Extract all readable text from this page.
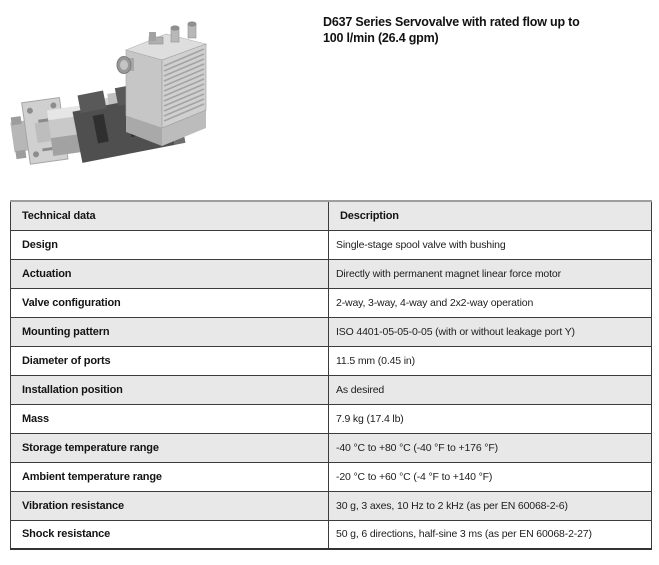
D637 Series Servovalve with rated flow up to
100 l/min (26.4 gpm)
Technical data	Description
Design	Single-stage spool valve with bushing
Actuation	Directly with permanent magnet linear force motor
Valve configuration	2-way, 3-way, 4-way and 2x2-way operation
Mounting pattern	ISO 4401-05-05-0-05 (with or without leakage port Y)
Diameter of ports	11.5 mm (0.45 in)
Installation position	As desired
Mass	7.9 kg (17.4 lb)
Storage temperature range	-40 °C to +80 °C (-40 °F to +176 °F)
Ambient temperature range	-20 °C to +60 °C (-4 °F to +140 °F)
Vibration resistance	30 g, 3 axes, 10 Hz to 2 kHz (as per EN 60068-2-6)
Shock resistance	50 g, 6 directions, half-sine 3 ms (as per EN 60068-2-27)
